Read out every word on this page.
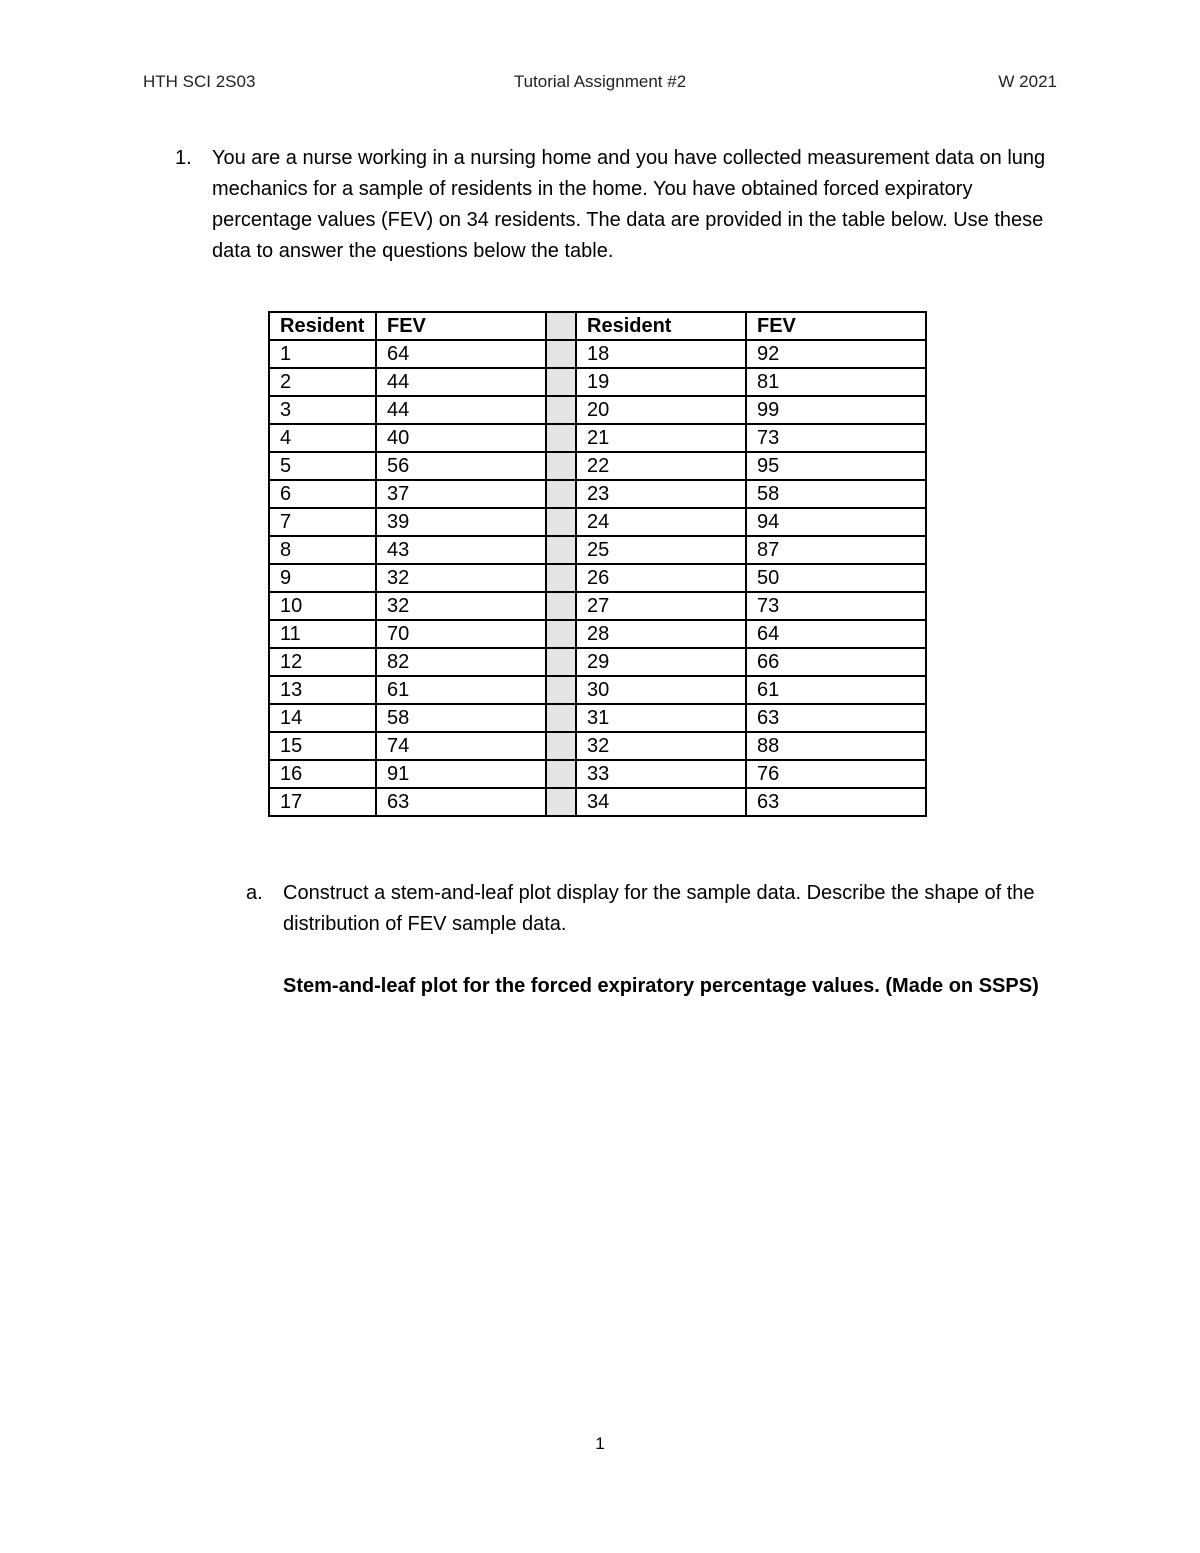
HTH SCI 2S03	Tutorial Assignment #2	W 2021
1. You are a nurse working in a nursing home and you have collected measurement data on lung mechanics for a sample of residents in the home. You have obtained forced expiratory percentage values (FEV) on 34 residents. The data are provided in the table below. Use these data to answer the questions below the table.
Resident	FEV		Resident	FEV
1	64		18	92
2	44		19	81
3	44		20	99
4	40		21	73
5	56		22	95
6	37		23	58
7	39		24	94
8	43		25	87
9	32		26	50
10	32		27	73
11	70		28	64
12	82		29	66
13	61		30	61
14	58		31	63
15	74		32	88
16	91		33	76
17	63		34	63
a. Construct a stem-and-leaf plot display for the sample data. Describe the shape of the distribution of FEV sample data.
Stem-and-leaf plot for the forced expiratory percentage values. (Made on SSPS)
1
